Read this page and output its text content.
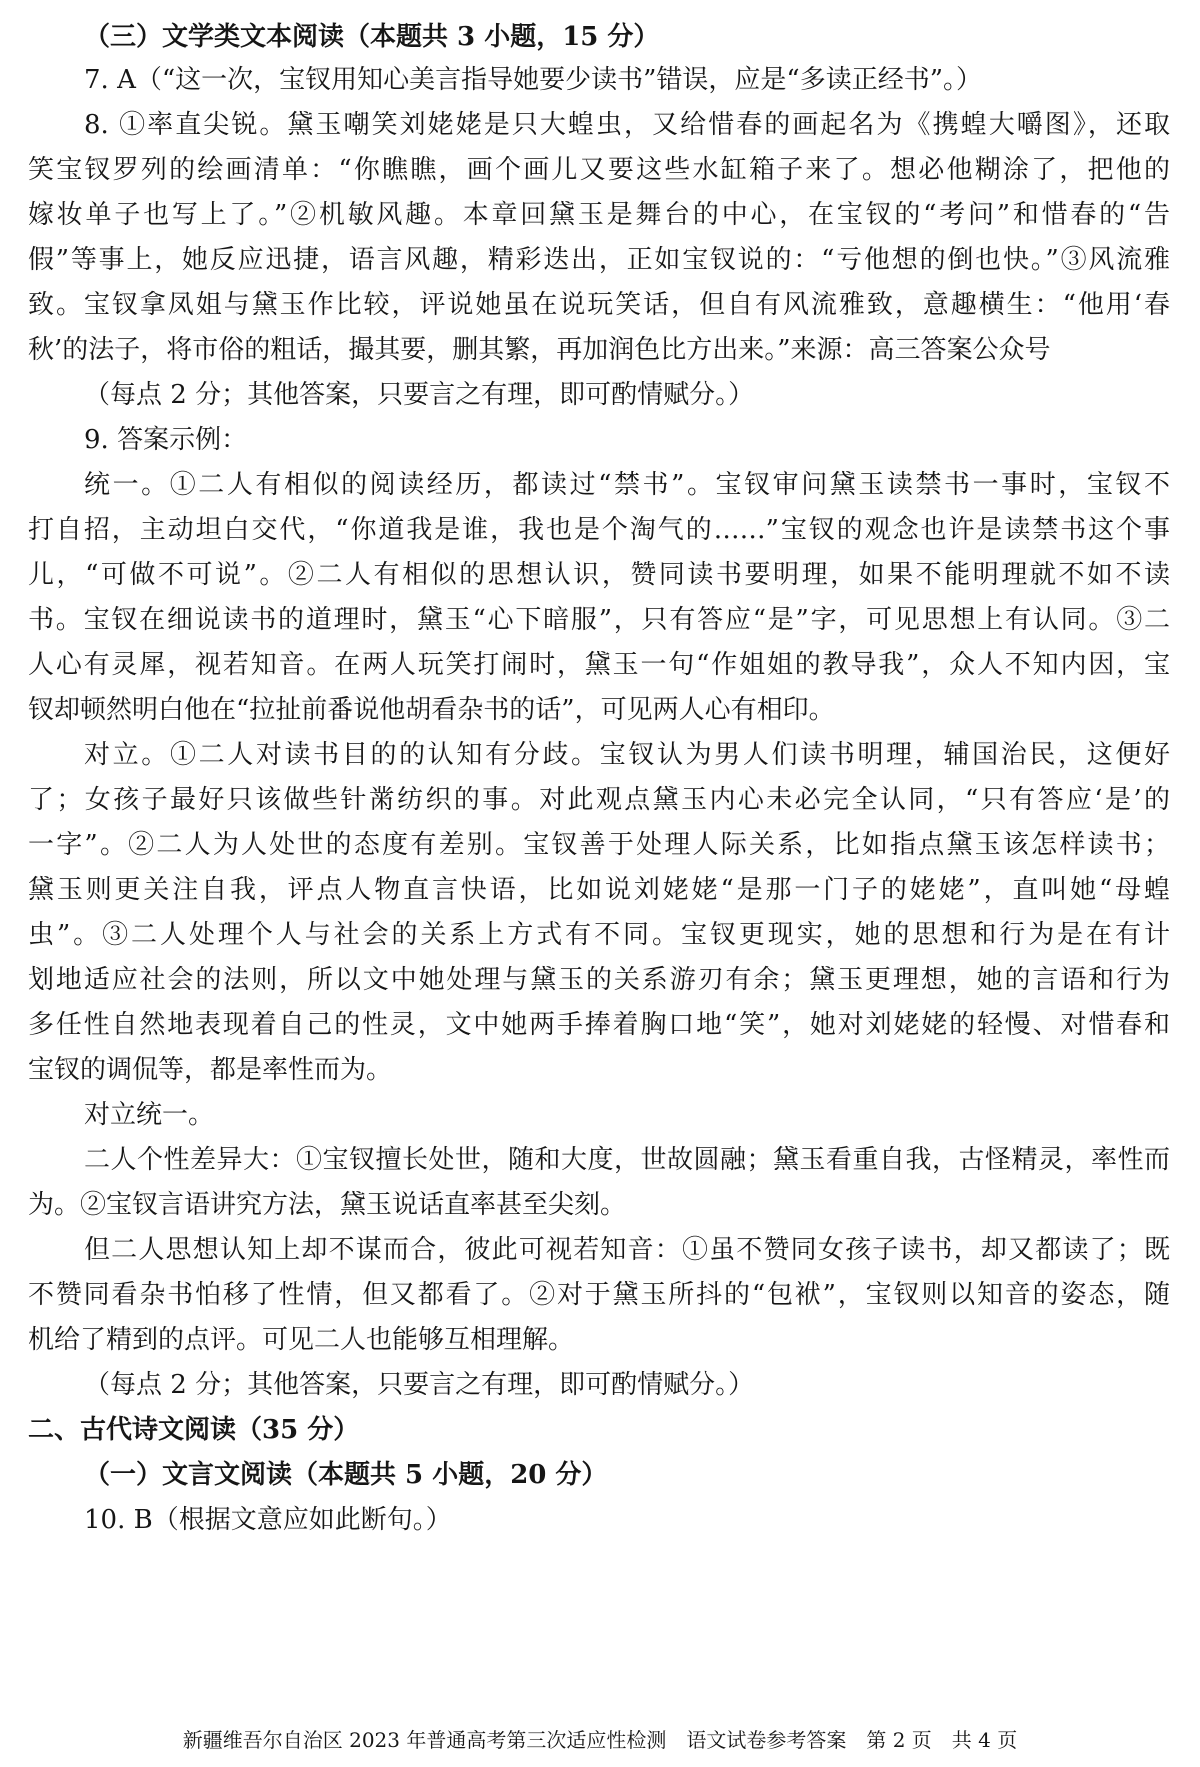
（三）文学类文本阅读（本题共 3 小题，15 分）
7. A（“这一次，宝钗用知心美言指导她要少读书”错误，应是“多读正经书”。）
8. ①率直尖锐。黛玉嘲笑刘姥姥是只大蝗虫，又给惜春的画起名为《携蝗大嚼图》，还取
笑宝钗罗列的绘画清单：“你瞧瞧，画个画儿又要这些水缸箱子来了。想必他糊涂了，把他的
嫁妆单子也写上了。”②机敏风趣。本章回黛玉是舞台的中心，在宝钗的“考问”和惜春的“告
假”等事上，她反应迅捷，语言风趣，精彩迭出，正如宝钗说的：“亏他想的倒也快。”③风流雅
致。宝钗拿凤姐与黛玉作比较，评说她虽在说玩笑话，但自有风流雅致，意趣横生：“他用‘春
秋’的法子，将市俗的粗话，撮其要，删其繁，再加润色比方出来。”来源：高三答案公众号
（每点 2 分；其他答案，只要言之有理，即可酌情赋分。）
9. 答案示例：
统一。①二人有相似的阅读经历，都读过“禁书”。宝钗审问黛玉读禁书一事时，宝钗不
打自招，主动坦白交代，“你道我是谁，我也是个淘气的……”宝钗的观念也许是读禁书这个事
儿，“可做不可说”。②二人有相似的思想认识，赞同读书要明理，如果不能明理就不如不读
书。宝钗在细说读书的道理时，黛玉“心下暗服”，只有答应“是”字，可见思想上有认同。③二
人心有灵犀，视若知音。在两人玩笑打闹时，黛玉一句“作姐姐的教导我”，众人不知内因，宝
钗却顿然明白他在“拉扯前番说他胡看杂书的话”，可见两人心有相印。
对立。①二人对读书目的的认知有分歧。宝钗认为男人们读书明理，辅国治民，这便好
了；女孩子最好只该做些针黹纺织的事。对此观点黛玉内心未必完全认同，“只有答应‘是’的
一字”。②二人为人处世的态度有差别。宝钗善于处理人际关系，比如指点黛玉该怎样读书；
黛玉则更关注自我，评点人物直言快语，比如说刘姥姥“是那一门子的姥姥”，直叫她“母蝗
虫”。③二人处理个人与社会的关系上方式有不同。宝钗更现实，她的思想和行为是在有计
划地适应社会的法则，所以文中她处理与黛玉的关系游刃有余；黛玉更理想，她的言语和行为
多任性自然地表现着自己的性灵，文中她两手捧着胸口地“笑”，她对刘姥姥的轻慢、对惜春和
宝钗的调侃等，都是率性而为。
对立统一。
二人个性差异大：①宝钗擅长处世，随和大度，世故圆融；黛玉看重自我，古怪精灵，率性而
为。②宝钗言语讲究方法，黛玉说话直率甚至尖刻。
但二人思想认知上却不谋而合，彼此可视若知音：①虽不赞同女孩子读书，却又都读了；既
不赞同看杂书怕移了性情，但又都看了。②对于黛玉所抖的“包袱”，宝钗则以知音的姿态，随
机给了精到的点评。可见二人也能够互相理解。
（每点 2 分；其他答案，只要言之有理，即可酌情赋分。）
二、古代诗文阅读（35 分）
（一）文言文阅读（本题共 5 小题，20 分）
10. B（根据文意应如此断句。）
新疆维吾尔自治区 2023 年普通高考第三次适应性检测　语文试卷参考答案　第 2 页　共 4 页
